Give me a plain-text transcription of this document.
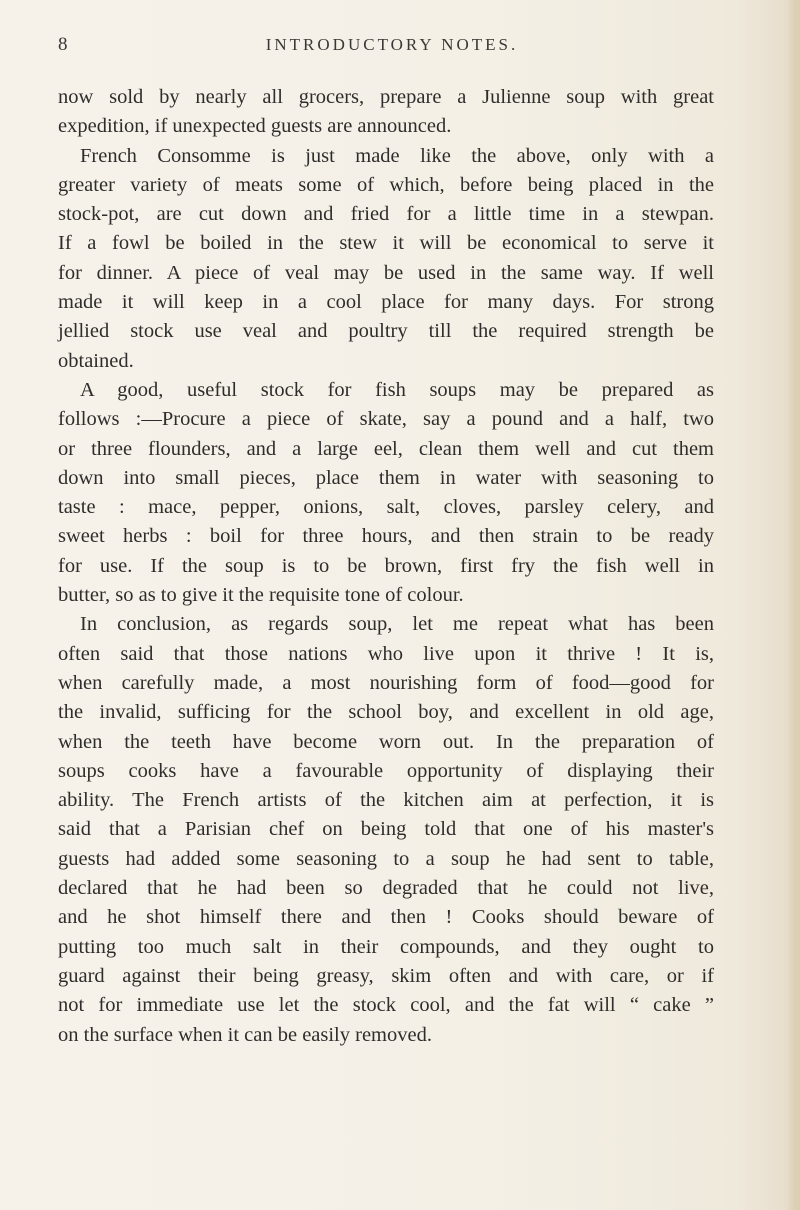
8	INTRODUCTORY NOTES.
now sold by nearly all grocers, prepare a Julienne soup with great
expedition, if unexpected guests are announced.
French Consomme is just made like the above, only with a
greater variety of meats some of which, before being placed in the
stock-pot, are cut down and fried for a little time in a stewpan.
If a fowl be boiled in the stew it will be economical to serve it
for dinner. A piece of veal may be used in the same way. If well
made it will keep in a cool place for many days. For strong
jellied stock use veal and poultry till the required strength be
obtained.
A good, useful stock for fish soups may be prepared as
follows :—Procure a piece of skate, say a pound and a half, two
or three flounders, and a large eel, clean them well and cut them
down into small pieces, place them in water with seasoning to
taste : mace, pepper, onions, salt, cloves, parsley celery, and
sweet herbs : boil for three hours, and then strain to be ready
for use. If the soup is to be brown, first fry the fish well in
butter, so as to give it the requisite tone of colour.
In conclusion, as regards soup, let me repeat what has been
often said that those nations who live upon it thrive ! It is,
when carefully made, a most nourishing form of food—good for
the invalid, sufficing for the school boy, and excellent in old age,
when the teeth have become worn out. In the preparation of
soups cooks have a favourable opportunity of displaying their
ability. The French artists of the kitchen aim at perfection, it is
said that a Parisian chef on being told that one of his master's
guests had added some seasoning to a soup he had sent to table,
declared that he had been so degraded that he could not live,
and he shot himself there and then ! Cooks should beware of
putting too much salt in their compounds, and they ought to
guard against their being greasy, skim often and with care, or if
not for immediate use let the stock cool, and the fat will “ cake ”
on the surface when it can be easily removed.
